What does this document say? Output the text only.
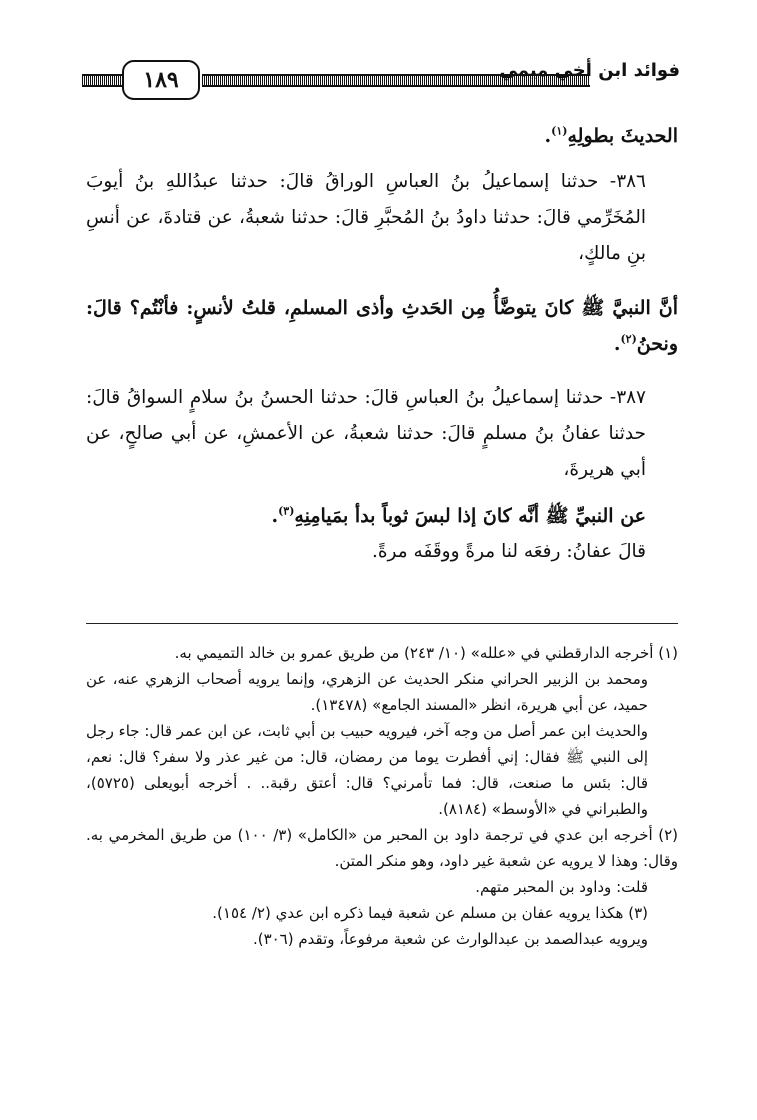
١٨٩	فوائد ابن أخي ميمي

الحديثَ بطولِهِ$^{(١)}$.

٣٨٦- حدثنا إسماعيلُ بنُ العباسِ الوراقُ قالَ: حدثنا عبدُاللهِ بنُ أيوبَ المُخَرِّمي قالَ: حدثنا داودُ بنُ المُحبَّرِ قالَ: حدثنا شعبةُ، عن قتادةَ، عن أنسِ بنِ مالكٍ،

أنَّ النبيَّ ﷺ كانَ يتوضَّأُ مِن الحَدثِ وأذى المسلمِ، قلتُ لأنسٍ: فأنْتُم؟ قالَ: ونحنُ$^{(٢)}$.

٣٨٧- حدثنا إسماعيلُ بنُ العباسِ قالَ: حدثنا الحسنُ بنُ سلامٍ السواقُ قالَ: حدثنا عفانُ بنُ مسلمٍ قالَ: حدثنا شعبةُ، عن الأعمشِ، عن أبي صالحٍ، عن أبي هريرةَ،

عن النبيِّ ﷺ أنَّه كانَ إذا لبسَ ثوباً بدأ بمَيامِنِهِ$^{(٣)}$.

قالَ عفانُ: رفعَه لنا مرةً ووقَفَه مرةً.

(١) أخرجه الدارقطني في «علله» (١٠/ ٢٤٣) من طريق عمرو بن خالد التميمي به.

ومحمد بن الزبير الحراني منكر الحديث عن الزهري، وإنما يرويه أصحاب الزهري عنه، عن حميد، عن أبي هريرة، انظر «المسند الجامع» (١٣٤٧٨).

والحديث ابن عمر أصل من وجه آخر، فيرويه حبيب بن أبي ثابت، عن ابن عمر قال: جاء رجل إلى النبي ﷺ فقال: إني أفطرت يوما من رمضان، قال: من غير عذر ولا سفر؟ قال: نعم، قال: بئس ما صنعت، قال: فما تأمرني؟ قال: أعتق رقبة.. . أخرجه أبويعلى (٥٧٢٥)، والطبراني في «الأوسط» (٨١٨٤).

(٢) أخرجه ابن عدي في ترجمة داود بن المحبر من «الكامل» (٣/ ١٠٠) من طريق المخرمي به. وقال: وهذا لا يرويه عن شعبة غير داود، وهو منكر المتن.

قلت: وداود بن المحبر متهم.

(٣) هكذا يرويه عفان بن مسلم عن شعبة فيما ذكره ابن عدي (٢/ ١٥٤).

ويرويه عبدالصمد بن عبدالوارث عن شعبة مرفوعاً، وتقدم (٣٠٦).
